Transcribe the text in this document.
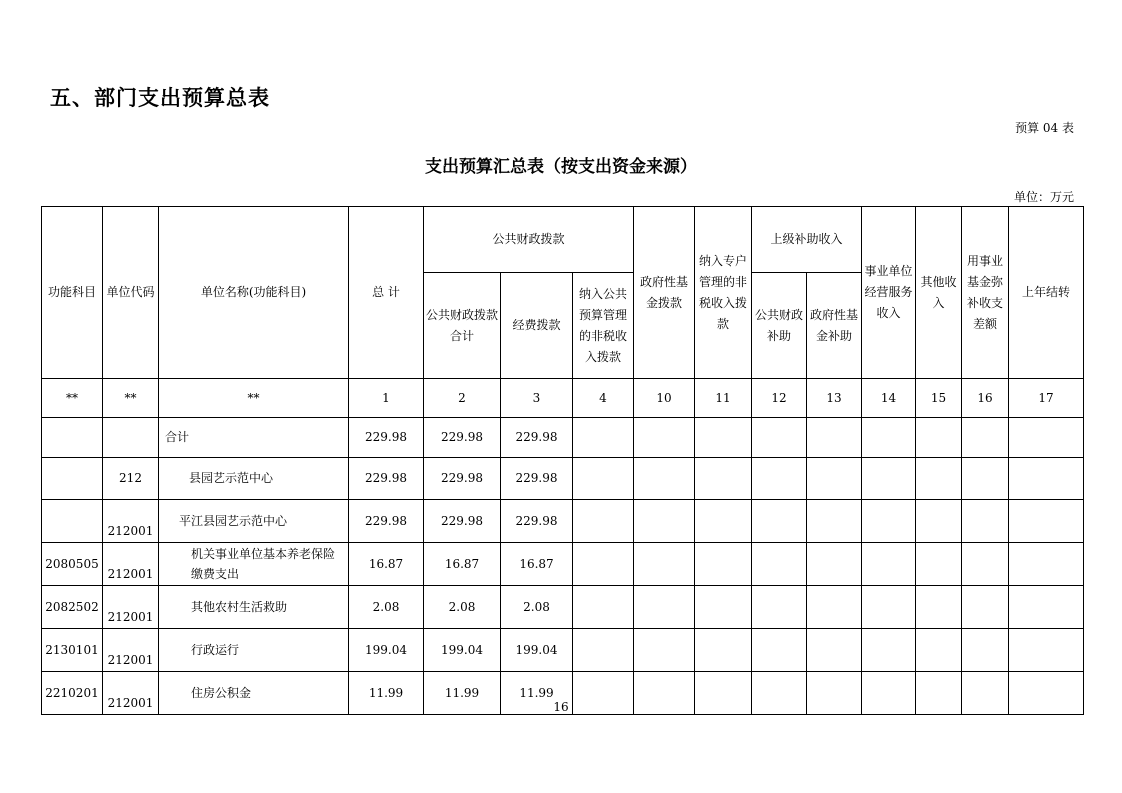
五、部门支出预算总表
预算 04 表
支出预算汇总表（按支出资金来源）
单位：万元
功能科目	单位代码	单位名称(功能科目)	总 计	公共财政拨款			政府性基金拨款	纳入专户管理的非税收入拨款	上级补助收入		事业单位经营服务收入	其他收入	用事业基金弥补收支差额	上年结转
				公共财政拨款合计	经费拨款	纳入公共预算管理的非税收入拨款			公共财政补助	政府性基金补助				
**	**	**	1	2	3	4	10	11	12	13	14	15	16	17
		合计	229.98	229.98	229.98									
	212	县园艺示范中心	229.98	229.98	229.98									
	212001	平江县园艺示范中心	229.98	229.98	229.98									
2080505	212001	机关事业单位基本养老保险缴费支出	16.87	16.87	16.87									
2082502	212001	其他农村生活救助	2.08	2.08	2.08									
2130101	212001	行政运行	199.04	199.04	199.04									
2210201	212001	住房公积金	11.99	11.99	11.99									
16
